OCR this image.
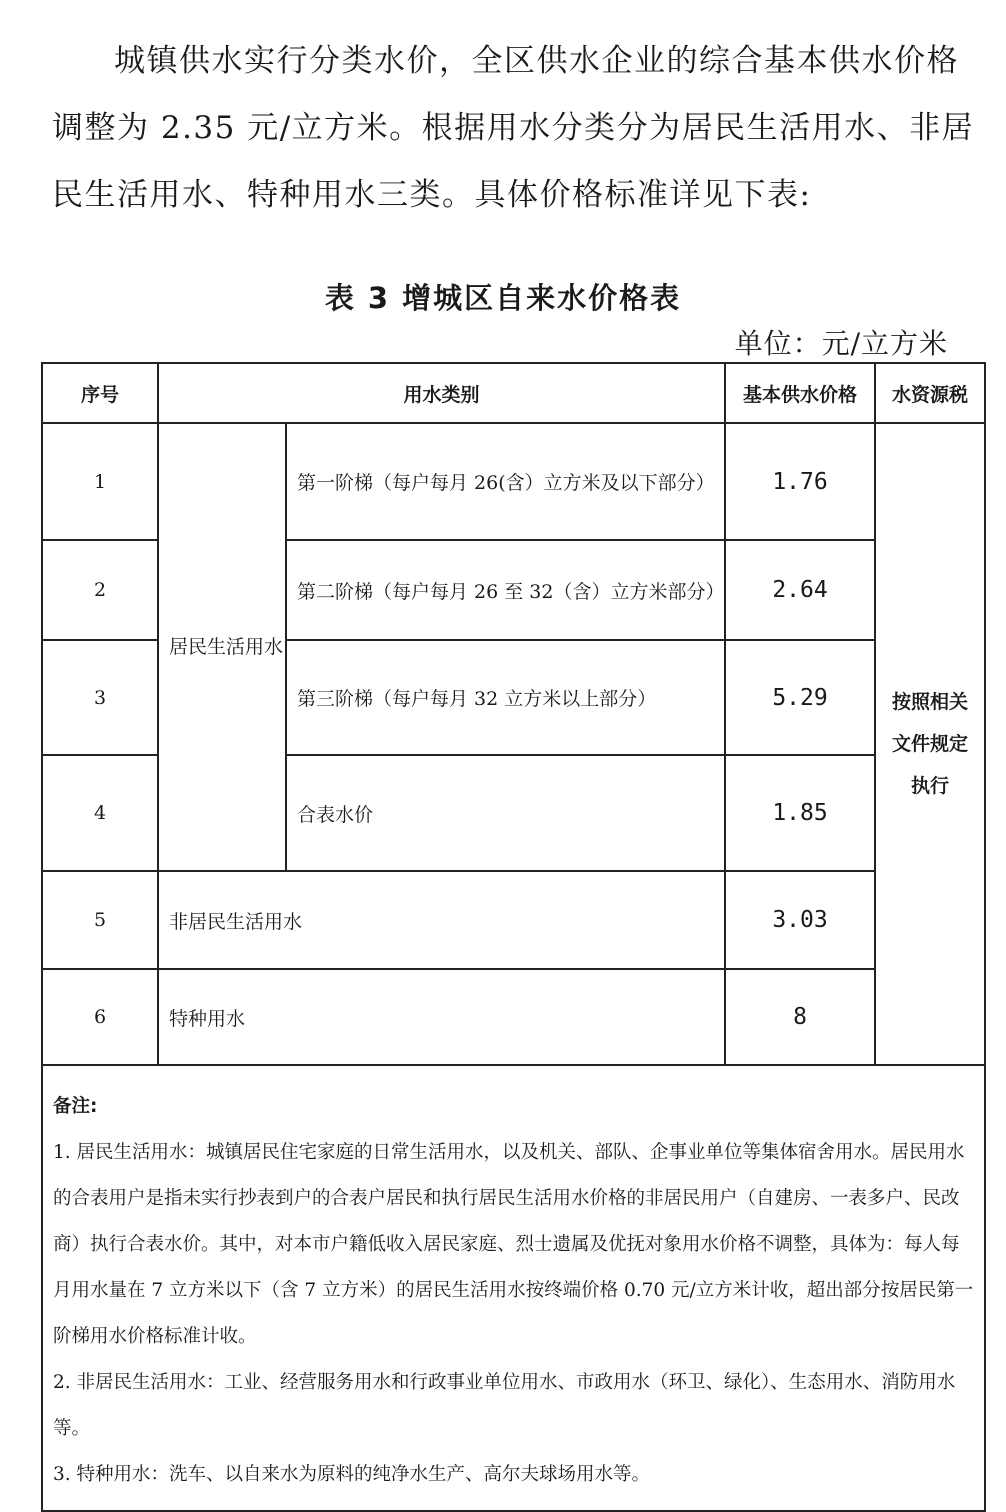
城镇供水实行分类水价，全区供水企业的综合基本供水价格调整为 2.35 元/立方米。根据用水分类分为居民生活用水、非居民生活用水、特种用水三类。具体价格标准详见下表:

表 3 增城区自来水价格表
单位：元/立方米
序号	用水类别		基本供水价格	水资源税
1	居民生活用水	第一阶梯（每户每月 26(含）立方米及以下部分）	1.76	按照相关文件规定执行

2		第二阶梯（每户每月 26 至 32（含）立方米部分）	2.64	
3		第三阶梯（每户每月 32 立方米以上部分）	5.29	
4		合表水价	1.85	
5	非居民生活用水		3.03	
6	特种用水		8	

备注:

1. 居民生活用水：城镇居民住宅家庭的日常生活用水，以及机关、部队、企事业单位等集体宿舍用水。居民用水的合表用户是指未实行抄表到户的合表户居民和执行居民生活用水价格的非居民用户（自建房、一表多户、民改商）执行合表水价。其中，对本市户籍低收入居民家庭、烈士遗属及优抚对象用水价格不调整，具体为：每人每月用水量在 7 立方米以下（含 7 立方米）的居民生活用水按终端价格 0.70 元/立方米计收，超出部分按居民第一阶梯用水价格标准计收。

2. 非居民生活用水：工业、经营服务用水和行政事业单位用水、市政用水（环卫、绿化）、生态用水、消防用水等。

3. 特种用水：洗车、以自来水为原料的纯净水生产、高尔夫球场用水等。				
